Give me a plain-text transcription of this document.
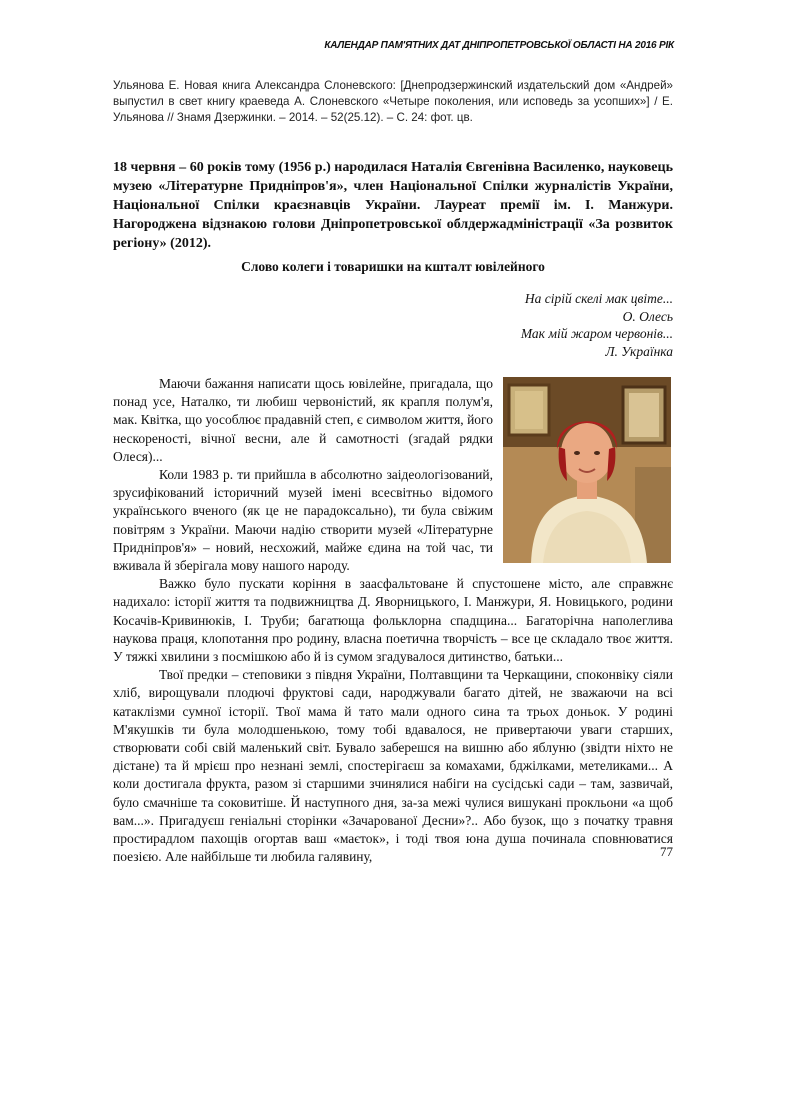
КАЛЕНДАР ПАМ'ЯТНИХ ДАТ ДНІПРОПЕТРОВСЬКОЇ ОБЛАСТІ НА 2016 РІК
Ульянова Е. Новая книга Александра Слоневского: [Днепродзержинский издательский дом «Андрей» выпустил в свет книгу краеведа А. Слоневского «Четыре поколения, или исповедь за усопших»] / Е. Ульянова // Знамя Дзержинки. – 2014. – 52(25.12). – С. 24: фот. цв.
18 червня – 60 років тому (1956 р.) народилася Наталія Євгенівна Василенко, науковець музею «Літературне Придніпров'я», член Національної Спілки журналістів України, Національної Спілки краєзнавців України. Лауреат премії ім. І. Манжури. Нагороджена відзнакою голови Дніпропетровської облдержадміністрації «За розвиток регіону» (2012).
Слово колеги і товаришки на кшталт ювілейного
На сірій скелі мак цвіте...
О. Олесь
Мак мій жаром червонів...
Л. Українка

Маючи бажання написати щось ювілейне, пригадала, що понад усе, Наталко, ти любиш червоністий, як крапля полум'я, мак. Квітка, що уособлює прадавній степ, є символом життя, його нескореності, вічної весни, але й самотності (згадай рядки Олеся)...

Коли 1983 р. ти прийшла в абсолютно заідеологізований, зрусифікований історичний музей імені всесвітньо відомого українського вченого (як це не парадоксально), ти була свіжим повітрям з України. Маючи надію створити музей «Літературне Придніпров'я» – новий, несхожий, майже єдина на той час, ти вживала й зберігала мову нашого народу.

Важко було пускати коріння в заасфальтоване й спустошене місто, але справжнє надихало: історії життя та подвижництва Д. Яворницького, І. Манжури, Я. Новицького, родини Косачів-Кривинюків, І. Труби; багатюща фольклорна спадщина... Багаторічна наполеглива наукова праця, клопотання про родину, власна поетична творчість – все це складало твоє життя. У тяжкі хвилини з посмішкою або й із сумом згадувалося дитинство, батьки...

Твої предки – степовики з півдня України, Полтавщини та Черкащини, споконвіку сіяли хліб, вирощували плодючі фруктові сади, народжували багато дітей, не зважаючи на всі катаклізми сумної історії. Твої мама й тато мали одного сина та трьох доньок. У родині М'якушків ти була молодшенькою, тому тобі вдавалося, не привертаючи уваги старших, створювати собі свій маленький світ. Бувало заберешся на вишню або яблуню (звідти ніхто не дістане) та й мрієш про незнані землі, спостерігаєш за комахами, бджілками, метеликами... А коли достигала фрукта, разом зі старшими зчинялися набіги на сусідські сади – там, зазвичай, було смачніше та соковитіше. Й наступного дня, за-за межі чулися вишукані прокльони «а щоб вам...». Пригадуєш геніальні сторінки «Зачарованої Десни»?.. Або бузок, що з початку травня простирадлом пахощів огортав ваш «маєток», і тоді твоя юна душа починала сповнюватися поезією. Але найбільше ти любила галявину,	77
